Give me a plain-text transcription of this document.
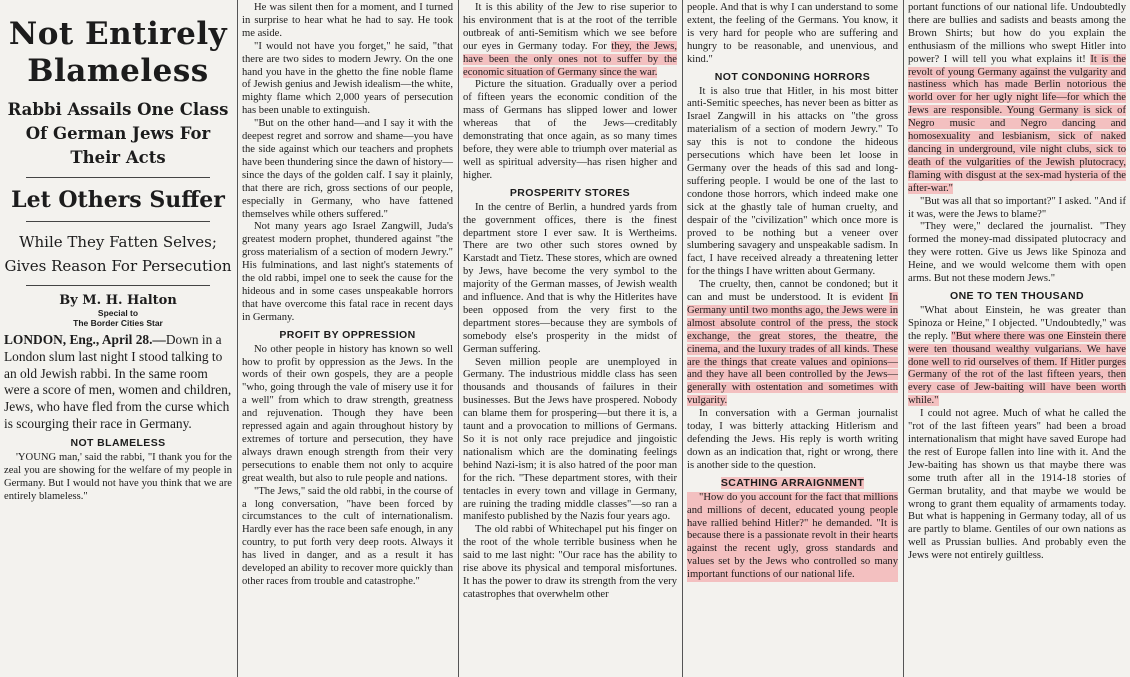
Not Entirely Blameless
Rabbi Assails One Class Of German Jews For Their Acts
Let Others Suffer
While They Fatten Selves; Gives Reason For Persecution
By M. H. Halton
Special to
The Border Cities Star

LONDON, Eng., April 28.—Down in a London slum last night I stood talking to an old Jewish rabbi. In the same room were a score of men, women and children, Jews, who have fled from the curse which is scourging their race in Germany.

NOT BLAMELESS

'YOUNG man,' said the rabbi, "I thank you for the zeal you are showing for the welfare of my people in Germany. But I would not have you think that we are entirely blameless."

He was silent then for a moment, and I turned in surprise to hear what he had to say. He took me aside.

"I would not have you forget," he said, "that there are two sides to modern Jewry. On the one hand you have in the ghetto the fine noble flame of Jewish genius and Jewish idealism—the white, mighty flame which 2,000 years of persecution has been unable to extinguish.

"But on the other hand—and I say it with the deepest regret and sorrow and shame—you have the side against which our teachers and prophets have been thundering since the dawn of history—since the days of the golden calf. I say it plainly, that there are rich, gross sections of our people, especially in Germany, who have fattened themselves while others suffered."

Not many years ago Israel Zangwill, Juda's greatest modern prophet, thundered against "the gross materialism of a section of modern Jewry." His fulminations, and last night's statements of the old rabbi, impel one to seek the cause for the hideous and in some cases unspeakable horrors that have overcome this fatal race in recent days in Germany.

PROFIT BY OPPRESSION

No other people in history has known so well how to profit by oppression as the Jews. In the words of their own gospels, they are a people "who, going through the vale of misery use it for a well" from which to draw strength, greatness and rejuvenation. Though they have been repressed again and again throughout history by extremes of torture and persecution, they have always drawn enough strength from their very persecutions to enable them not only to acquire great wealth, but also to rule people and nations.

"The Jews," said the old rabbi, in the course of a long conversation, "have been forced by circumstances to the cult of internationalism. Hardly ever has the race been safe enough, in any country, to put forth very deep roots. Always it has lived in danger, and as a result it has developed an ability to recover more quickly than other races from trouble and catastrophe."

It is this ability of the Jew to rise superior to his environment that is at the root of the terrible outbreak of anti-Semitism which we see before our eyes in Germany today. For they, the Jews, have been the only ones not to suffer by the economic situation of Germany since the war.

Picture the situation. Gradually over a period of fifteen years the economic condition of the mass of Germans has slipped lower and lower whereas that of the Jews—creditably demonstrating that once again, as so many times before, they were able to triumph over material as well as spiritual adversity—has risen higher and higher.

PROSPERITY STORES

In the centre of Berlin, a hundred yards from the government offices, there is the finest department store I ever saw. It is Wertheims. There are two other such stores owned by Karstadt and Tietz. These stores, which are owned by Jews, have become the very symbol to the majority of the German masses, of Jewish wealth and influence. And that is why the Hitlerites have been opposed from the very first to the department stores—because they are symbols of somebody else's prosperity in the midst of German suffering.

Seven million people are unemployed in Germany. The industrious middle class has seen thousands and thousands of failures in their businesses. But the Jews have prospered. Nobody can blame them for prospering—but there it is, a taunt and a provocation to millions of Germans. So it is not only race prejudice and jingoistic nationalism which are the dominating feelings behind Nazi-ism; it is also hatred of the poor man for the rich. "These department stores, with their tentacles in every town and village in Germany, are ruining the trading middle classes"—so ran a manifesto published by the Nazis four years ago.

The old rabbi of Whitechapel put his finger on the root of the whole terrible business when he said to me last night: "Our race has the ability to rise above its physical and temporal misfortunes. It has the power to draw its strength from the very catastrophes that overwhelm other

people. And that is why I can understand to some extent, the feeling of the Germans. You know, it is very hard for people who are suffering and hungry to be reasonable, and unenvious, and kind."

NOT CONDONING HORRORS

It is also true that Hitler, in his most bitter anti-Semitic speeches, has never been as bitter as Israel Zangwill in his attacks on "the gross materialism of a section of modern Jewry." To say this is not to condone the hideous persecutions which have been let loose in Germany over the heads of this sad and long-suffering people. I would be one of the last to condone those horrors, which indeed make one sick at the ghastly tale of human cruelty, and despair of the "civilization" which once more is proved to be nothing but a veneer over slumbering savagery and unspeakable sadism. In fact, I have received already a threatening letter for the things I have written about Germany.

The cruelty, then, cannot be condoned; but it can and must be understood. It is evident In Germany until two months ago, the Jews were in almost absolute control of the press, the stock exchange, the great stores, the theatre, the cinema, and the luxury trades of all kinds. These are the things that create values and opinions—and they have all been controlled by the Jews—generally with ostentation and sometimes with vulgarity.

In conversation with a German journalist today, I was bitterly attacking Hitlerism and defending the Jews. His reply is worth writing down as an indication that, right or wrong, there is another side to the question.

SCATHING ARRAIGNMENT

"How do you account for the fact that millions and millions of decent, educated young people have rallied behind Hitler?" he demanded. "It is because there is a passionate revolt in their hearts against the recent ugly, gross standards and values set by the Jews who controlled so many important functions of our national life.

portant functions of our national life. Undoubtedly there are bullies and sadists and beasts among the Brown Shirts; but how do you explain the enthusiasm of the millions who swept Hitler into power? I will tell you what explains it! It is the revolt of young Germany against the vulgarity and nastiness which has made Berlin notorious the world over for her ugly night life—for which the Jews are responsible. Young Germany is sick of Negro music and Negro dancing and homosexuality and lesbianism, sick of naked dancing in underground, vile night clubs, sick to death of the vulgarities of the Jewish plutocracy, flaming with disgust at the sex-mad hysteria of the after-war."

"But was all that so important?" I asked. "And if it was, were the Jews to blame?"

"They were," declared the journalist. "They formed the money-mad dissipated plutocracy and they were rotten. Give us Jews like Spinoza and Heine, and we would welcome them with open arms. But not these modern Jews."

ONE TO TEN THOUSAND

"What about Einstein, he was greater than Spinoza or Heine," I objected. "Undoubtedly," was the reply. "But where there was one Einstein there were ten thousand wealthy vulgarians. We have done well to rid ourselves of them. If Hitler purges Germany of the rot of the last fifteen years, then every case of Jew-baiting will have been worth while."

I could not agree. Much of what he called the "rot of the last fifteen years" had been a broad internationalism that might have saved Europe had the rest of Europe fallen into line with it. And the Jew-baiting has shown us that maybe there was some truth after all in the 1914-18 stories of German brutality, and that maybe we would be wrong to grant them equality of armaments today. But what is happening in Germany today, all of us are partly to blame. Gentiles of our own nations as well as Prussian bullies. And probably even the Jews were not entirely guiltless.
